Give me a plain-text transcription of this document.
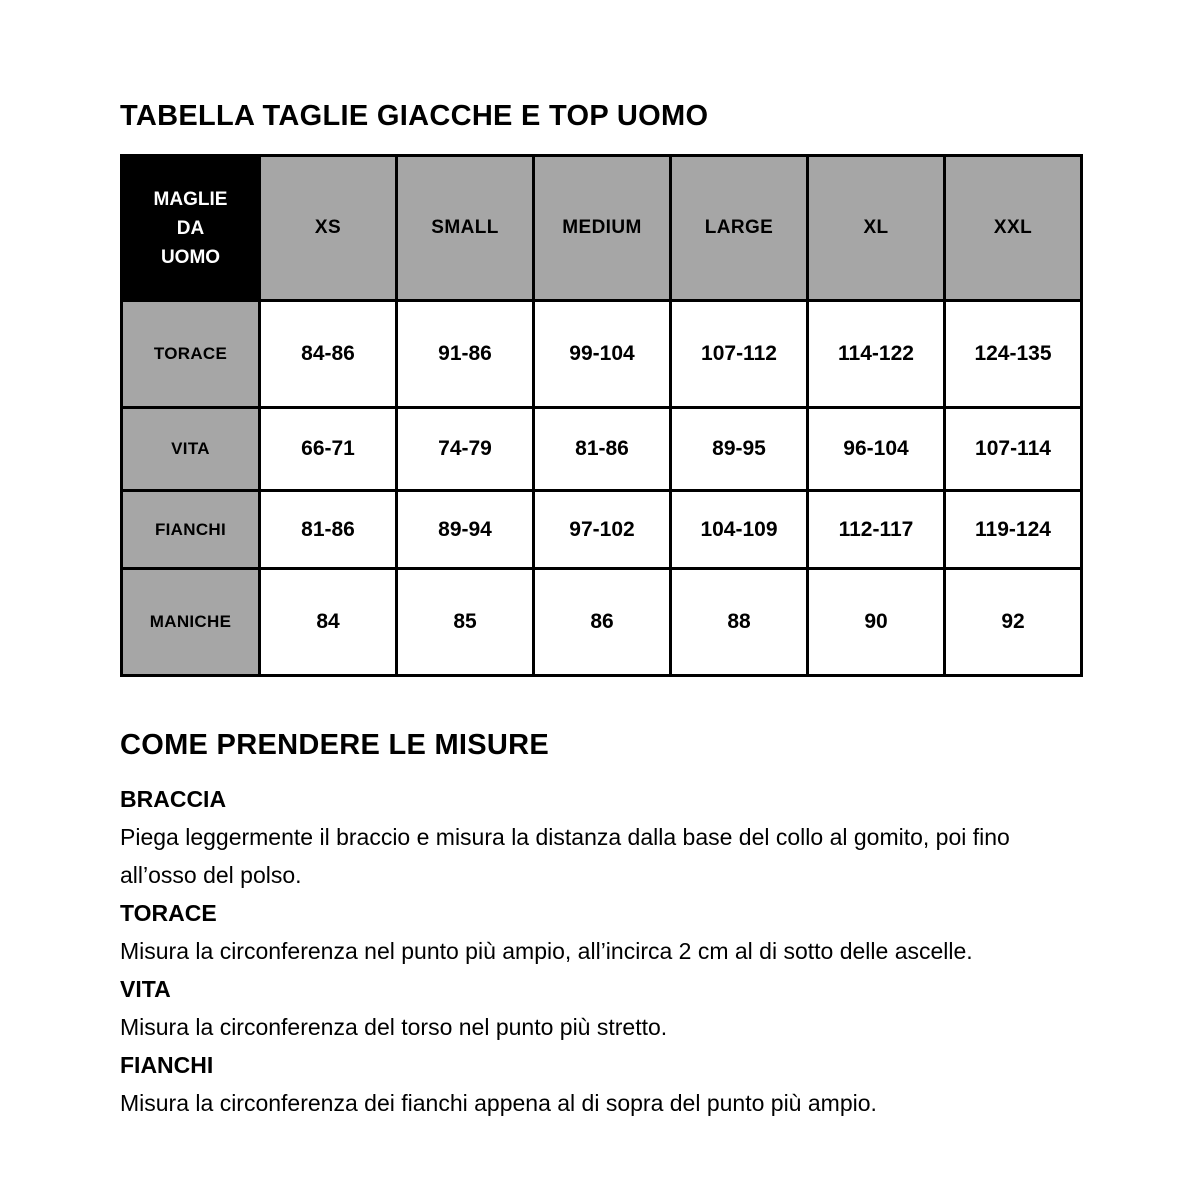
TABELLA TAGLIE GIACCHE E TOP UOMO
MAGLIE
DA
UOMO	XS	SMALL	MEDIUM	LARGE	XL	XXL
TORACE	84-86	91-86	99-104	107-112	114-122	124-135
VITA	66-71	74-79	81-86	89-95	96-104	107-114
FIANCHI	81-86	89-94	97-102	104-109	112-117	119-124
MANICHE	84	85	86	88	90	92
COME PRENDERE LE MISURE
BRACCIA

Piega leggermente il braccio e misura la distanza dalla base del collo al gomito, poi fino all’osso del polso.

TORACE

Misura la circonferenza nel punto più ampio, all’incirca 2 cm al di sotto delle ascelle.

VITA

Misura la circonferenza del torso nel punto più stretto.

FIANCHI

Misura la circonferenza dei fianchi appena al di sopra del punto più ampio.
